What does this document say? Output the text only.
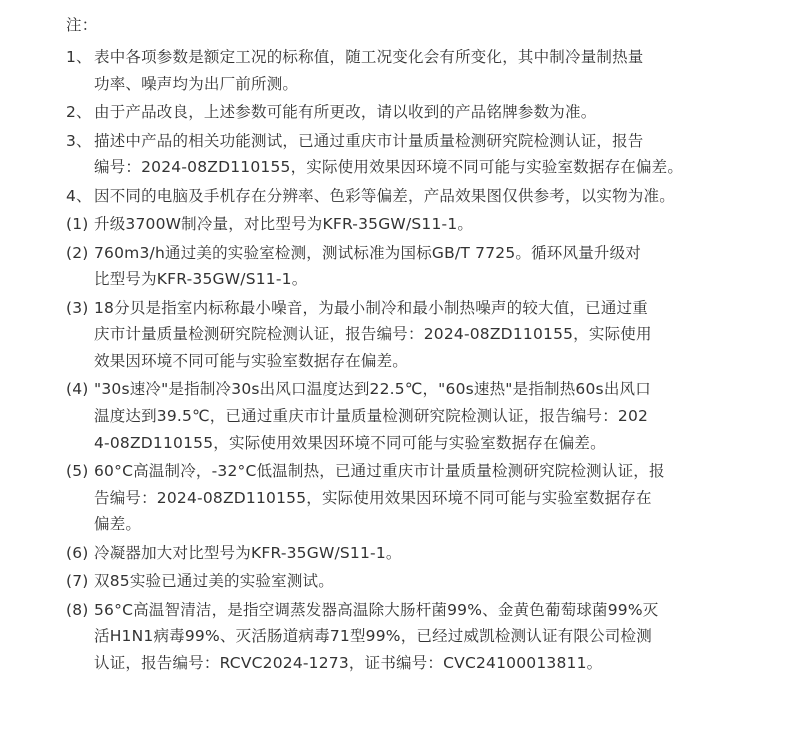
注：
1、 表中各项参数是额定工况的标称值，随工况变化会有所变化，其中制冷量制热量
功率、噪声均为出厂前所测。
2、 由于产品改良，上述参数可能有所更改，请以收到的产品铭牌参数为准。
3、 描述中产品的相关功能测试，已通过重庆市计量质量检测研究院检测认证，报告
编号：2024-08ZD110155，实际使用效果因环境不同可能与实验室数据存在偏差。
4、 因不同的电脑及手机存在分辨率、色彩等偏差，产品效果图仅供参考，以实物为准。
(1) 升级3700W制冷量，对比型号为KFR-35GW/S11-1。
(2) 760m3/h通过美的实验室检测，测试标准为国标GB/T 7725。循环风量升级对
比型号为KFR-35GW/S11-1。
(3) 18分贝是指室内标称最小噪音，为最小制冷和最小制热噪声的较大值，已通过重
庆市计量质量检测研究院检测认证，报告编号：2024-08ZD110155，实际使用
效果因环境不同可能与实验室数据存在偏差。
(4) "30s速冷"是指制冷30s出风口温度达到22.5℃，"60s速热"是指制热60s出风口
温度达到39.5℃，已通过重庆市计量质量检测研究院检测认证，报告编号：202
4-08ZD110155，实际使用效果因环境不同可能与实验室数据存在偏差。
(5) 60°C高温制冷，-32°C低温制热，已通过重庆市计量质量检测研究院检测认证，报
告编号：2024-08ZD110155，实际使用效果因环境不同可能与实验室数据存在
偏差。
(6) 冷凝器加大对比型号为KFR-35GW/S11-1。
(7) 双85实验已通过美的实验室测试。
(8) 56°C高温智清洁，是指空调蒸发器高温除大肠杆菌99%、金黄色葡萄球菌99%灭
活H1N1病毒99%、灭活肠道病毒71型99%，已经过威凯检测认证有限公司检测
认证，报告编号：RCVC2024-1273，证书编号：CVC24100013811。
